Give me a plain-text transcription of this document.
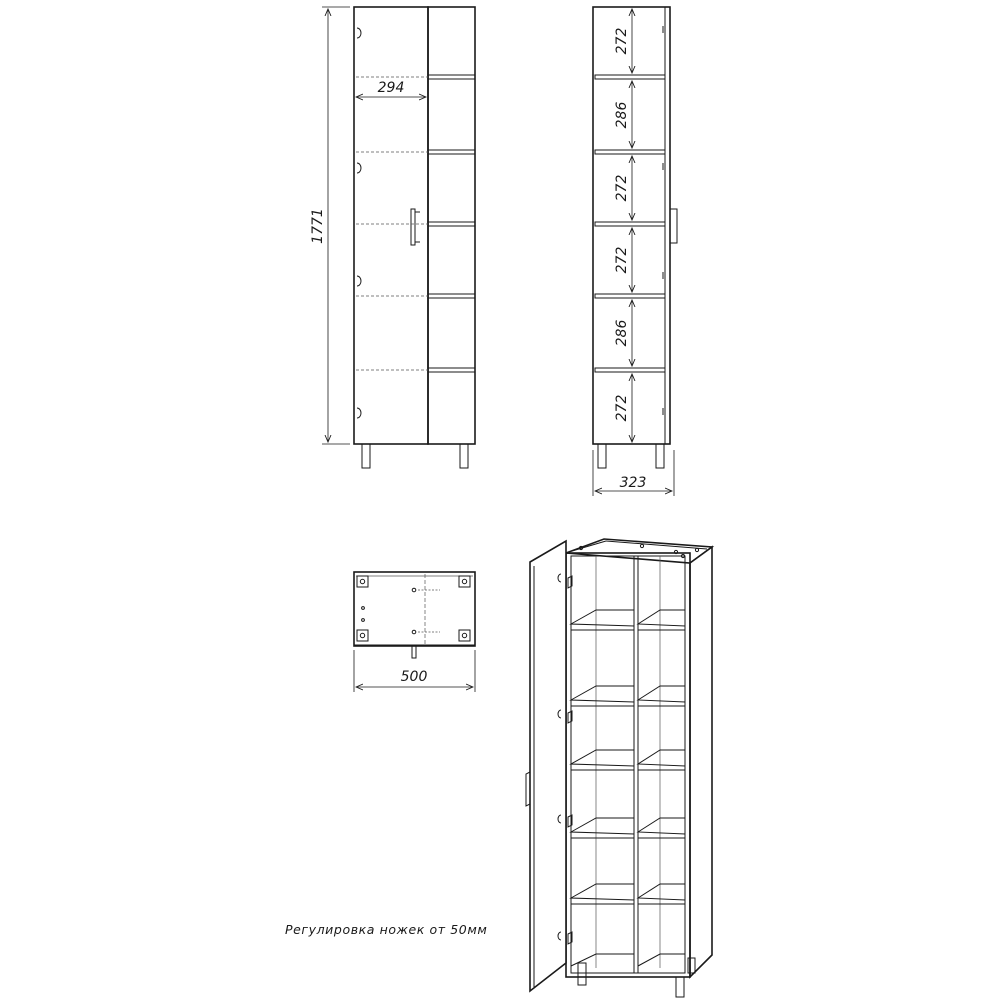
294
1771
272
286
272
272
286
272
323
500
Регулировка ножек от 50мм
